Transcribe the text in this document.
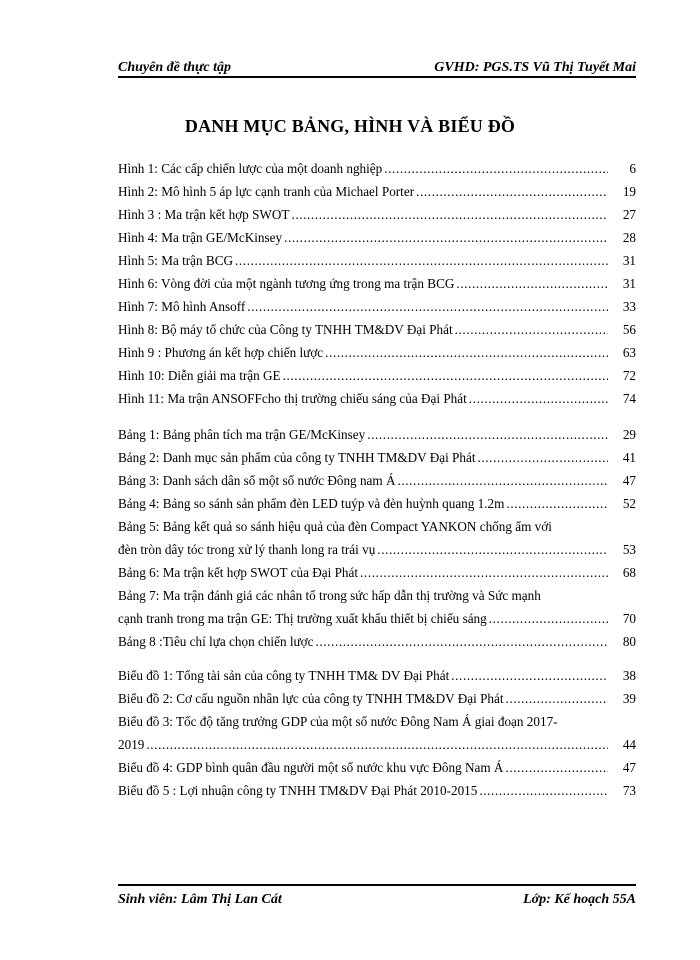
Chuyên đề thực tập	GVHD: PGS.TS Vũ Thị Tuyết Mai
DANH MỤC BẢNG, HÌNH VÀ BIỂU ĐỒ
Hình 1: Các cấp chiến lược của một doanh nghiệp .....	6
Hình 2: Mô hình 5 áp lực cạnh tranh của Michael Porter .....	19
Hình 3 : Ma trận kết hợp SWOT .....	27
Hình 4: Ma trận GE/McKinsey .....	28
Hình 5: Ma trận BCG .....	31
Hình 6: Vòng đời của một ngành tương ứng trong ma trận BCG .....	31
Hình 7: Mô hình Ansoff .....	33
Hình 8: Bộ máy tổ chức của Công ty TNHH TM&DV Đại Phát .....	56
Hình 9 : Phương án kết hợp chiến lược .....	63
Hình 10: Diễn giải ma trận GE .....	72
Hình 11: Ma trận ANSOFFcho thị trường chiếu sáng của Đại Phát .....	74
Bảng 1: Bảng phân tích ma trận GE/McKinsey .....	29
Bảng 2: Danh mục sản phẩm của công ty TNHH TM&DV Đại Phát .....	41
Bảng 3: Danh sách dân số một số nước Đông nam Á .....	47
Bảng 4: Bảng so sánh sản phẩm đèn LED tuýp và đèn huỳnh quang 1.2m .....	52
Bảng 5: Bảng kết quả so sánh hiệu quả của đèn Compact YANKON chống ẩm với
đèn tròn dây tóc trong xử lý thanh long ra trái vụ .....	53
Bảng 6: Ma trận kết hợp SWOT của Đại Phát .....	68
Bảng 7: Ma trận đánh giá các nhân tố trong sức hấp dẫn thị trường và Sức mạnh
cạnh tranh trong ma trận GE: Thị trường xuất khẩu thiết bị chiếu sáng .....	70
Bảng 8 :Tiêu chí lựa chọn chiến lược .....	80
Biểu đồ 1: Tổng tài sản của công ty TNHH TM& DV Đại Phát .....	38
Biểu đồ 2: Cơ cấu nguồn nhân lực của công ty TNHH TM&DV Đại Phát .....	39
Biểu đồ 3: Tốc độ tăng trưởng GDP của một số nước Đông Nam Á giai đoạn 2017-
2019 .....	44
Biểu đồ 4: GDP bình quân đầu người một số nước khu vực Đông Nam Á .....	47
Biểu đồ 5 : Lợi nhuận công ty TNHH TM&DV Đại Phát 2010-2015 .....	73
Sinh viên: Lâm Thị Lan Cát	Lớp: Kế hoạch 55A
